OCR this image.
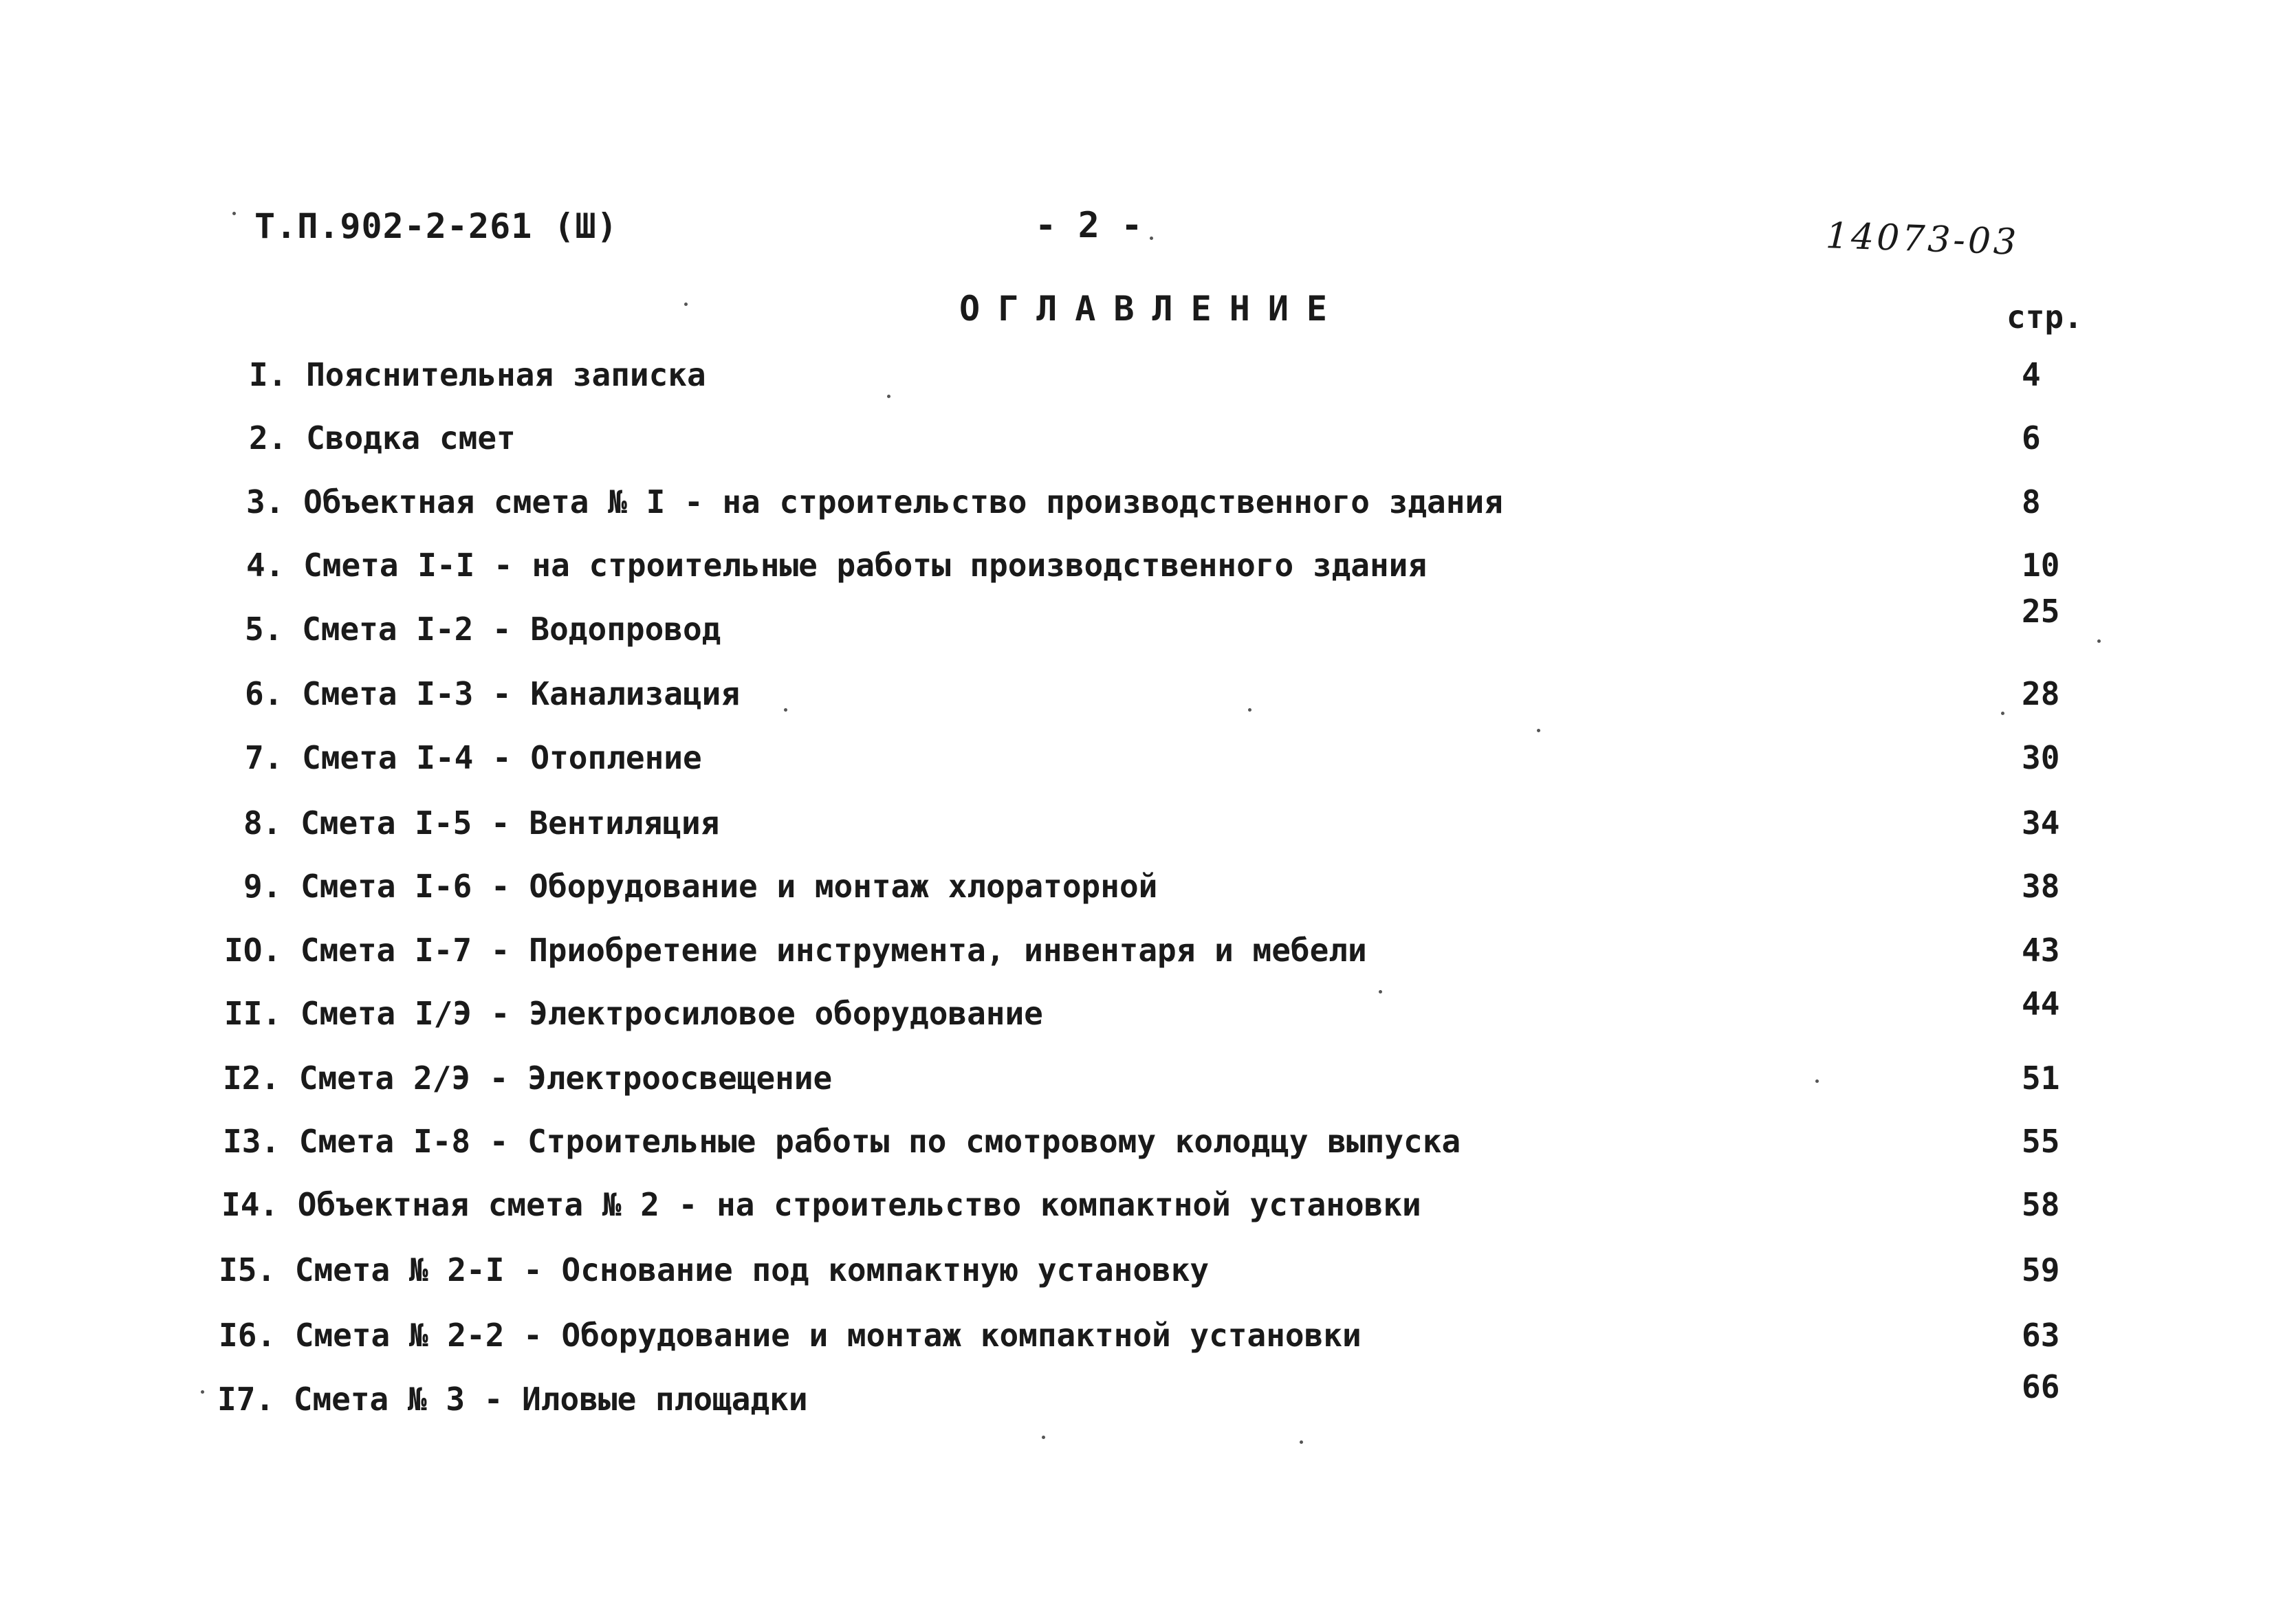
Т.П.902-2-261 (Ш)	- 2 -	14073-03
ОГЛАВЛЕНИЕ	стр.
I. Пояснительная записка	4
2. Сводка смет	6
3. Объектная смета № I - на строительство производственного здания	8
4. Смета I-I - на строительные работы производственного здания	10
5. Смета I-2 - Водопровод	25
6. Смета I-3 - Канализация	28
7. Смета I-4 - Отопление	30
8. Смета I-5 - Вентиляция	34
9. Смета I-6 - Оборудование и монтаж хлораторной	38
IO. Смета I-7 - Приобретение инструмента, инвентаря и мебели	43
II. Смета I/Э - Электросиловое оборудование	44
I2. Смета 2/Э - Электроосвещение	51
I3. Смета I-8 - Строительные работы по смотровому колодцу выпуска	55
I4. Объектная смета № 2 - на строительство компактной установки	58
I5. Смета № 2-I - Основание под компактную установку	59
I6. Смета № 2-2 - Оборудование и монтаж компактной установки	63
I7. Смета № 3 - Иловые площадки	66
